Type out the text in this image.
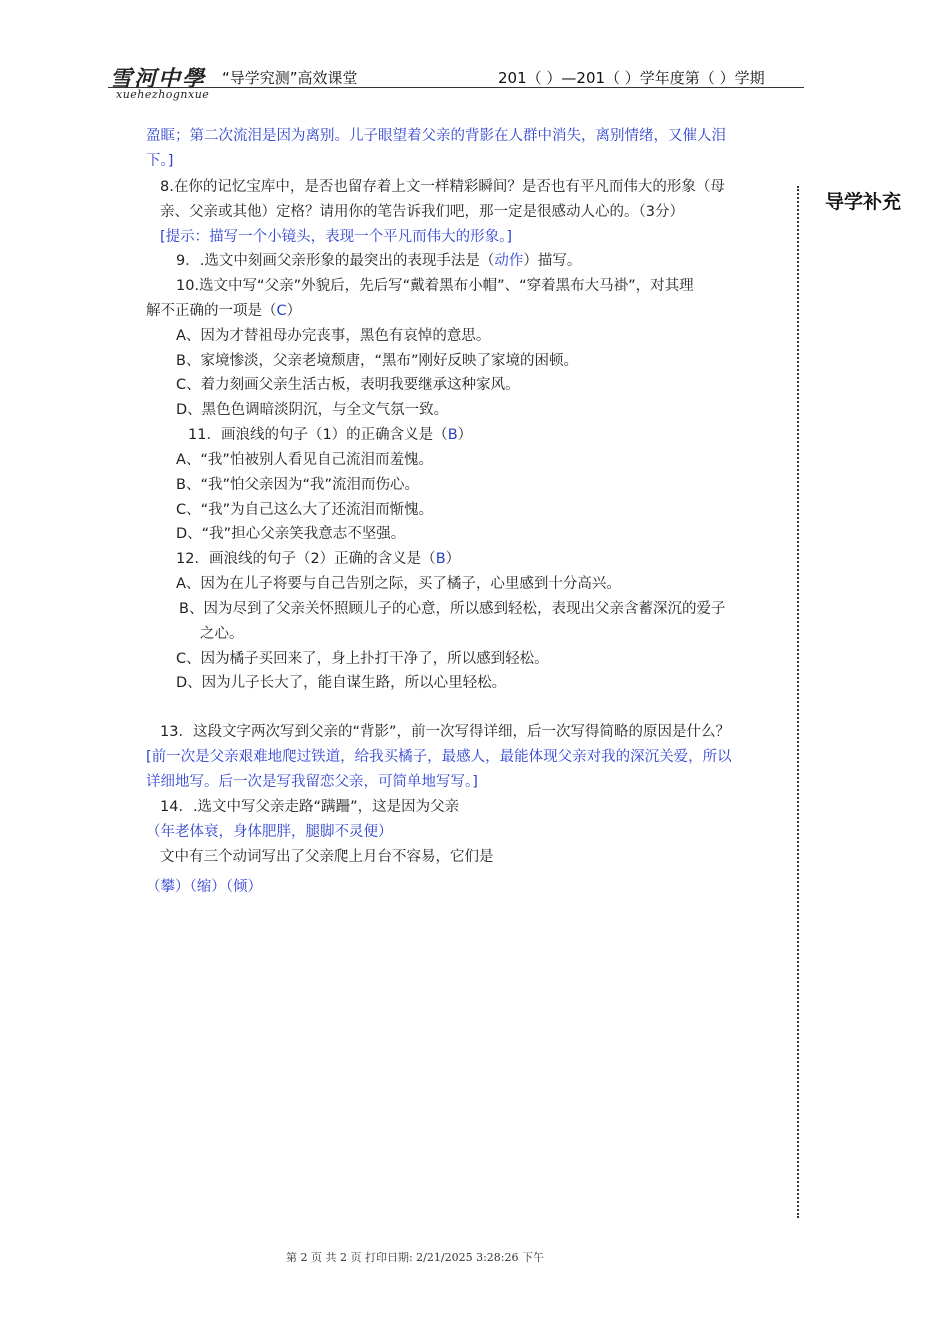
雪河中學
xuehezhognxue
“导学究测”高效课堂	201（ ）—201（ ）学年度第（ ）学期
导学补充
盈眶；第二次流泪是因为离别。儿子眼望着父亲的背影在人群中消失，离别情绪，又催人泪
下。]
8.在你的记忆宝库中，是否也留存着上文一样精彩瞬间？是否也有平凡而伟大的形象（母
亲、父亲或其他）定格？请用你的笔告诉我们吧，那一定是很感动人心的。（3分）
[提示：描写一个小镜头，表现一个平凡而伟大的形象。]
9．.选文中刻画父亲形象的最突出的表现手法是（动作）描写。
10.选文中写“父亲”外貌后，先后写“戴着黑布小帽”、“穿着黑布大马褂”，对其理
解不正确的一项是（C）
A、因为才替祖母办完丧事，黑色有哀悼的意思。
B、家境惨淡，父亲老境颓唐，“黑布”刚好反映了家境的困顿。
C、着力刻画父亲生活古板，表明我要继承这种家风。
D、黑色色调暗淡阴沉，与全文气氛一致。
11．画浪线的句子（1）的正确含义是（B）
A、“我”怕被别人看见自己流泪而羞愧。
B、“我”怕父亲因为“我”流泪而伤心。
C、“我”为自己这么大了还流泪而惭愧。
D、“我”担心父亲笑我意志不坚强。
12．画浪线的句子（2）正确的含义是（B）
A、因为在儿子将要与自己告别之际，买了橘子，心里感到十分高兴。
B、因为尽到了父亲关怀照顾儿子的心意，所以感到轻松，表现出父亲含蓄深沉的爱子
之心。
C、因为橘子买回来了，身上扑打干净了，所以感到轻松。
D、因为儿子长大了，能自谋生路，所以心里轻松。
13．这段文字两次写到父亲的“背影”，前一次写得详细，后一次写得简略的原因是什么？
[前一次是父亲艰难地爬过铁道，给我买橘子，最感人，最能体现父亲对我的深沉关爱，所以
详细地写。后一次是写我留恋父亲，可简单地写写。]
14．.选文中写父亲走路“蹒跚”，这是因为父亲
（年老体衰，身体肥胖，腿脚不灵便）
文中有三个动词写出了父亲爬上月台不容易，它们是
（攀）（缩）（倾）
第 2 页 共 2 页 打印日期: 2/21/2025 3:28:26 下午
